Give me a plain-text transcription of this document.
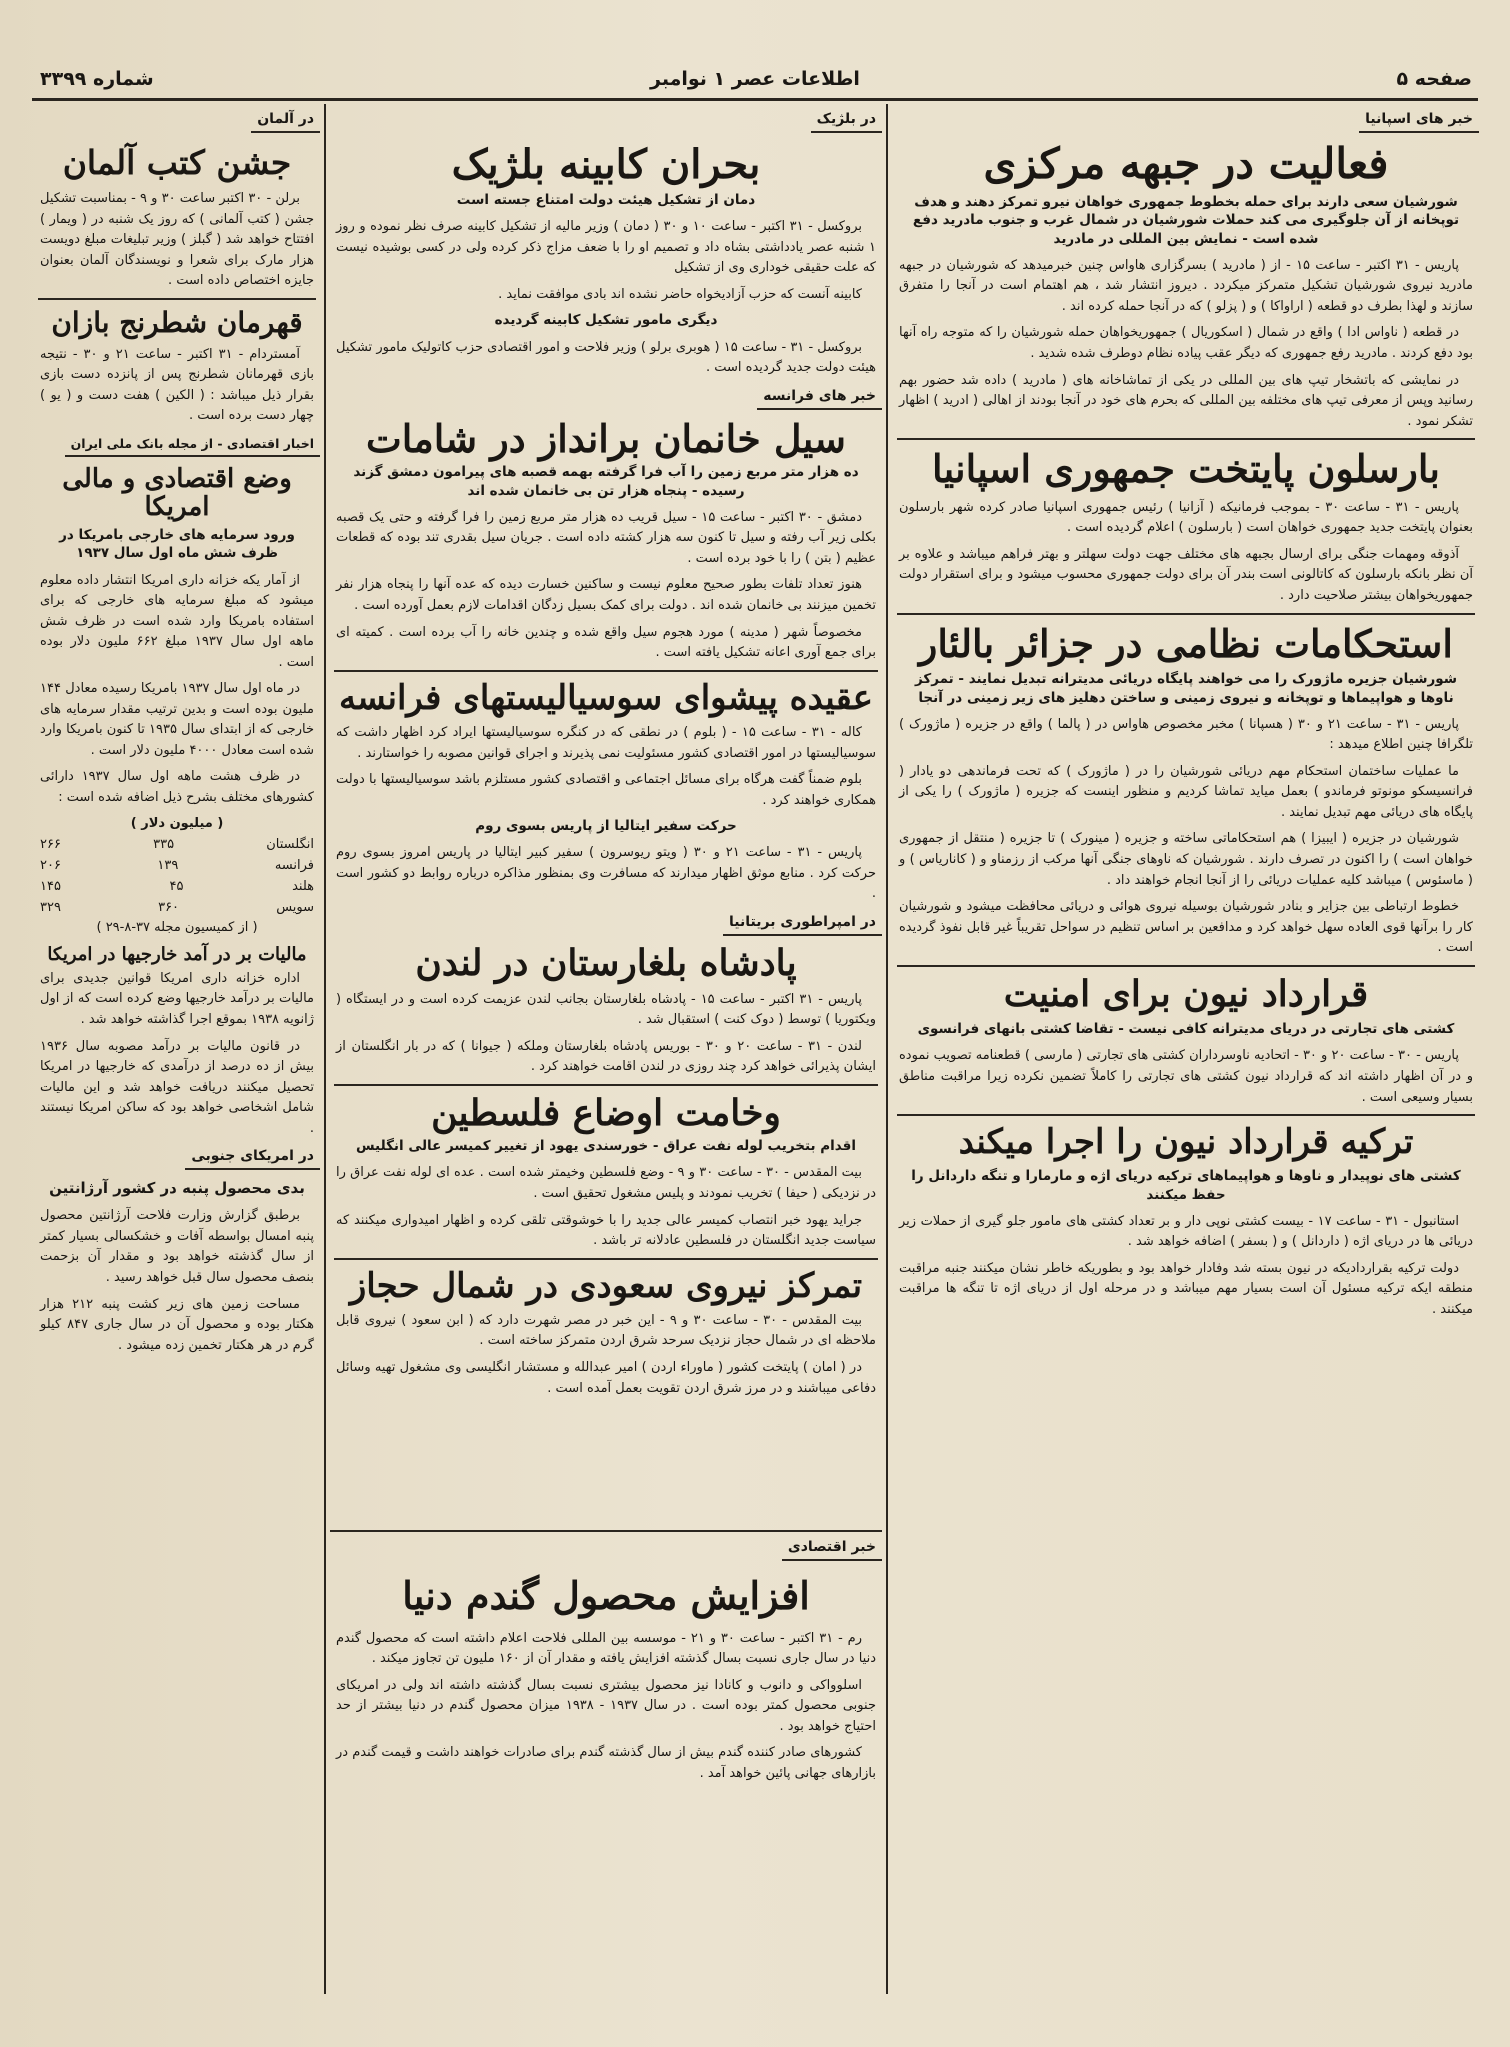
صفحه ۵
اطلاعات عصر ۱ نوامبر
شماره ۳۳۹۹
خبر های اسپانیا
فعالیت در جبهه مرکزی
شورشیان سعی دارند برای حمله بخطوط جمهوری خواهان نیرو تمرکز دهند و هدف توپخانه از آن جلوگیری می کند حملات شورشیان در شمال غرب و جنوب مادرید دفع شده است - نمایش بین المللی در مادرید
پاریس - ۳۱ اکتبر - ساعت ۱۵ - از ( مادرید ) بسرگزاری هاواس چنین خبرمیدهد که شورشیان در جبهه مادرید نیروی شورشیان تشکیل متمرکز میکردد . دیروز انتشار شد ، هم اهتمام است در آنجا را متفرق سازند و لهذا بطرف دو قطعه ( اراواکا ) و ( پزلو ) که در آنجا حمله کرده اند .
در قطعه ( ناواس ادا ) واقع در شمال ( اسکوریال ) جمهوریخواهان حمله شورشیان را که متوجه راه آنها بود دفع کردند . مادرید رفع جمهوری که دیگر عقب پیاده نظام دوطرف شده شدید .
در نمایشی که باتشخار تیپ های بین المللی در یکی از تماشاخانه های ( مادرید ) داده شد حضور بهم رسانید وپس از معرفی تیپ های مختلفه بین المللی که بحرم های خود در آنجا بودند از اهالی ( ادرید ) اظهار تشکر نمود .
بارسلون پایتخت جمهوری اسپانیا
پاریس - ۳۱ - ساعت ۳۰ - بموجب فرمانیکه ( آزانیا ) رئیس جمهوری اسپانیا صادر کرده شهر بارسلون بعنوان پایتخت جدید جمهوری خواهان است ( بارسلون ) اعلام گردیده است .
آذوقه ومهمات جنگی برای ارسال بجبهه های مختلف جهت دولت سهلتر و بهتر فراهم میباشد و علاوه بر آن نظر بانکه بارسلون که کاتالونی است بندر آن برای دولت جمهوری محسوب میشود و برای استقرار دولت جمهوریخواهان بیشتر صلاحیت دارد .
استحکامات نظامی در جزائر بالئار
شورشیان جزیره ماژورک را می خواهند پایگاه دریائی مدیترانه تبدیل نمایند - تمرکز ناوها و هواپیماها و توپخانه و نیروی زمینی و ساختن دهلیز های زیر زمینی در آنجا
پاریس - ۳۱ - ساعت ۲۱ و ۳۰ ( هسپانا ) مخبر مخصوص هاواس در ( پالما ) واقع در جزیره ( ماژورک ) تلگرافا چنین اطلاع میدهد :
ما عملیات ساختمان استحکام مهم دریائی شورشیان را در ( ماژورک ) که تحت فرماندهی دو یادار ( فرانسیسکو مونوتو فرماندو ) بعمل میاید تماشا کردیم و منظور اینست که جزیره ( ماژورک ) را یکی از پایگاه های دریائی مهم تبدیل نمایند .
شورشیان در جزیره ( ایبیزا ) هم استحکاماتی ساخته و جزیره ( مینورک ) تا جزیره ( منتقل از جمهوری خواهان است ) را اکنون در تصرف دارند . شورشیان که ناوهای جنگی آنها مرکب از رزمناو و ( کاناریاس ) و ( ماسئوس ) میباشد کلیه عملیات دریائی را از آنجا انجام خواهند داد .
خطوط ارتباطی بین جزایر و بنادر شورشیان بوسیله نیروی هوائی و دریائی محافظت میشود و شورشیان کار را برآنها قوی العاده سهل خواهد کرد و مدافعین بر اساس تنظیم در سواحل تقریباً غیر قابل نفوذ گردیده است .
قرارداد نیون برای امنیت
کشتی های تجارتی در دریای مدیترانه کافی نیست - تقاضا کشتی بانهای فرانسوی
پاریس - ۳۰ - ساعت ۲۰ و ۳۰ - اتحادیه ناوسرداران کشتی های تجارتی ( مارسی ) قطعنامه تصویب نموده و در آن اظهار داشته اند که قرارداد نیون کشتی های تجارتی را کاملاً تضمین نکرده زیرا مراقبت مناطق بسیار وسیعی است .
ترکیه قرارداد نیون را اجرا میکند
کشتی های نوپیدار و ناوها و هواپیماهای ترکیه دریای اژه و مارمارا و تنگه داردانل را حفظ میکنند
استانبول - ۳۱ - ساعت ۱۷ - بیست کشتی نوپی دار و بر تعداد کشتی های مامور جلو گیری از حملات زیر دریائی ها در دریای اژه ( داردانل ) و ( بسفر ) اضافه خواهد شد .
دولت ترکیه بقراردادیکه در نیون بسته شد وفادار خواهد بود و بطوریکه خاطر نشان میکنند جنبه مراقبت منطقه ایکه ترکیه مسئول آن است بسیار مهم میباشد و در مرحله اول از دریای اژه تا تنگه ها مراقبت میکنند .
در بلژیک
بحران کابینه بلژیک
دمان از تشکیل هیئت دولت امتناع جسته است
بروکسل - ۳۱ اکتبر - ساعت ۱۰ و ۳۰ ( دمان ) وزیر مالیه از تشکیل کابینه صرف نظر نموده و روز ۱ شنبه عصر یادداشتی بشاه داد و تصمیم او را با ضعف مزاج ذکر کرده ولی در کسی بوشیده نیست که علت حقیقی خوداری وی از تشکیل
کابینه آنست که حزب آزادیخواه حاضر نشده اند بادی موافقت نماید .
دیگری مامور تشکیل کابینه گردیده
بروکسل - ۳۱ - ساعت ۱۵ ( هوبری برلو ) وزیر فلاحت و امور اقتصادی حزب کاتولیک مامور تشکیل هیئت دولت جدید گردیده است .
خبر های فرانسه
سیل خانمان برانداز در شامات
ده هزار متر مربع زمین را آب فرا گرفته بهمه قصبه های پیرامون دمشق گزند رسیده - پنجاه هزار تن بی خانمان شده اند
دمشق - ۳۰ اکتبر - ساعت ۱۵ - سیل قریب ده هزار متر مربع زمین را فرا گرفته و حتی یک قصبه بکلی زیر آب رفته و سیل تا کنون سه هزار کشته داده است . جریان سیل بقدری تند بوده که قطعات عظیم ( بتن ) را با خود برده است .
هنوز تعداد تلفات بطور صحیح معلوم نیست و ساکنین خسارت دیده که عده آنها را پنجاه هزار نفر تخمین میزنند بی خانمان شده اند . دولت برای کمک بسیل زدگان اقدامات لازم بعمل آورده است .
مخصوصاً شهر ( مدینه ) مورد هجوم سیل واقع شده و چندین خانه را آب برده است . کمیته ای برای جمع آوری اعانه تشکیل یافته است .
عقیده پیشوای سوسیالیستهای فرانسه
کاله - ۳۱ - ساعت ۱۵ - ( بلوم ) در نطقی که در کنگره سوسیالیستها ایراد کرد اظهار داشت که سوسیالیستها در امور اقتصادی کشور مسئولیت نمی پذیرند و اجرای قوانین مصوبه را خواستارند .
بلوم ضمناً گفت هرگاه برای مسائل اجتماعی و اقتصادی کشور مستلزم باشد سوسیالیستها با دولت همکاری خواهند کرد .
حرکت سفیر ایتالیا از پاریس بسوی روم
پاریس - ۳۱ - ساعت ۲۱ و ۳۰ ( ویتو ریوسرون ) سفیر کبیر ایتالیا در پاریس امروز بسوی روم حرکت کرد . منابع موثق اظهار میدارند که مسافرت وی بمنظور مذاکره درباره روابط دو کشور است .
در امپراطوری بریتانیا
پادشاه بلغارستان در لندن
پاریس - ۳۱ اکتبر - ساعت ۱۵ - پادشاه بلغارستان بجانب لندن عزیمت کرده است و در ایستگاه ( ویکتوریا ) توسط ( دوک کنت ) استقبال شد .
لندن - ۳۱ - ساعت ۲۰ و ۳۰ - بوریس پادشاه بلغارستان وملکه ( جیوانا ) که در بار انگلستان از ایشان پذیرائی خواهد کرد چند روزی در لندن اقامت خواهند کرد .
وخامت اوضاع فلسطین
اقدام بتخریب لوله نفت عراق - خورسندی یهود از تغییر کمیسر عالی انگلیس
بیت المقدس - ۳۰ - ساعت ۳۰ و ۹ - وضع فلسطین وخیمتر شده است . عده ای لوله نفت عراق را در نزدیکی ( حیفا ) تخریب نمودند و پلیس مشغول تحقیق است .
جراید یهود خبر انتصاب کمیسر عالی جدید را با خوشوقتی تلقی کرده و اظهار امیدواری میکنند که سیاست جدید انگلستان در فلسطین عادلانه تر باشد .
تمرکز نیروی سعودی در شمال حجاز
بیت المقدس - ۳۰ - ساعت ۳۰ و ۹ - این خبر در مصر شهرت دارد که ( ابن سعود ) نیروی قابل ملاحظه ای در شمال حجاز نزدیک سرحد شرق اردن متمرکز ساخته است .
در ( امان ) پایتخت کشور ( ماوراء اردن ) امیر عبدالله و مستشار انگلیسی وی مشغول تهیه وسائل دفاعی میباشند و در مرز شرق اردن تقویت بعمل آمده است .
خبر اقتصادی
افزایش محصول گندم دنیا
رم - ۳۱ اکتبر - ساعت ۳۰ و ۲۱ - موسسه بین المللی فلاحت اعلام داشته است که محصول گندم دنیا در سال جاری نسبت بسال گذشته افزایش یافته و مقدار آن از ۱۶۰ ملیون تن تجاوز میکند .
اسلوواکی و دانوب و کانادا نیز محصول بیشتری نسبت بسال گذشته داشته اند ولی در امریکای جنوبی محصول کمتر بوده است . در سال ۱۹۳۷ - ۱۹۳۸ میزان محصول گندم در دنیا بیشتر از حد احتیاج خواهد بود .
کشورهای صادر کننده گندم بیش از سال گذشته گندم برای صادرات خواهند داشت و قیمت گندم در بازارهای جهانی پائین خواهد آمد .
در آلمان
جشن کتب آلمان
برلن - ۳۰ اکتبر ساعت ۳۰ و ۹ - بمناسبت تشکیل جشن ( کتب آلمانی ) که روز یک شنبه در ( ویمار ) افتتاح خواهد شد ( گبلز ) وزیر تبلیغات مبلغ دویست هزار مارک برای شعرا و نویسندگان آلمان بعنوان جایزه اختصاص داده است .
قهرمان شطرنج بازان
آمستردام - ۳۱ اکتبر - ساعت ۲۱ و ۳۰ - نتیجه بازی قهرمانان شطرنج پس از پانزده دست بازی بقرار ذیل میباشد : ( الکین ) هفت دست و ( یو ) چهار دست برده است .
اخبار اقتصادی - از مجله بانک ملی ایران
وضع اقتصادی و مالی امریکا
ورود سرمایه های خارجی بامریکا در ظرف شش ماه اول سال ۱۹۳۷
از آمار یکه خزانه داری امریکا انتشار داده معلوم میشود که مبلغ سرمایه های خارجی که برای استفاده بامریکا وارد شده است در ظرف شش ماهه اول سال ۱۹۳۷ مبلغ ۶۶۲ ملیون دلار بوده است .
در ماه اول سال ۱۹۳۷ بامریکا رسیده معادل ۱۴۴ ملیون بوده است و بدین ترتیب مقدار سرمایه های خارجی که از ابتدای سال ۱۹۳۵ تا کنون بامریکا وارد شده است معادل ۴۰۰۰ ملیون دلار است .
در ظرف هشت ماهه اول سال ۱۹۳۷ دارائی کشورهای مختلف بشرح ذیل اضافه شده است :
( میلیون دلار )
انگلستان
۳۳۵
۲۶۶
فرانسه
۱۳۹
۲۰۶
هلند
۴۵
۱۴۵
سویس
۳۶۰
۳۲۹
( از کمیسیون مجله ۳۷-۸-۲۹ )
مالیات بر در آمد خارجیها در امریکا
اداره خزانه داری امریکا قوانین جدیدی برای مالیات بر درآمد خارجیها وضع کرده است که از اول ژانویه ۱۹۳۸ بموقع اجرا گذاشته خواهد شد .
در قانون مالیات بر درآمد مصوبه سال ۱۹۳۶ بیش از ده درصد از درآمدی که خارجیها در امریکا تحصیل میکنند دریافت خواهد شد و این مالیات شامل اشخاصی خواهد بود که ساکن امریکا نیستند .
در امریکای جنوبی
بدی محصول پنبه در کشور آرژانتین
برطبق گزارش وزارت فلاحت آرژانتین محصول پنبه امسال بواسطه آفات و خشکسالی بسیار کمتر از سال گذشته خواهد بود و مقدار آن بزحمت بنصف محصول سال قبل خواهد رسید .
مساحت زمین های زیر کشت پنبه ۲۱۲ هزار هکتار بوده و محصول آن در سال جاری ۸۴۷ کیلو گرم در هر هکتار تخمین زده میشود .
